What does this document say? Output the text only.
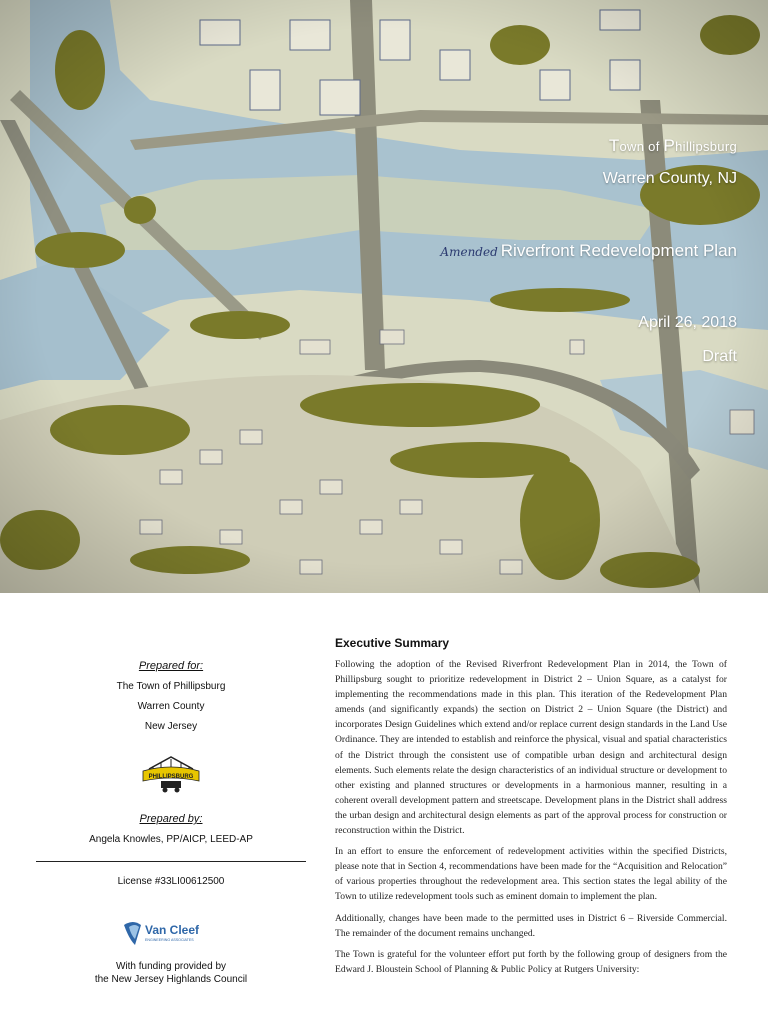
Town of Phillipsburg
Warren County, NJ
Amended Riverfront Redevelopment Plan
April 26, 2018
Draft

Prepared for:

The Town of Phillipsburg

Warren County

New Jersey

PHILLIPSBURG

Prepared by:

Angela Knowles, PP/AICP, LEED-AP

License #33LI00612500

Van Cleef
ENGINEERING ASSOCIATES

With funding provided by

the New Jersey Highlands Council

Executive Summary

Following the adoption of the Revised Riverfront Redevelopment Plan in 2014, the Town of Phillipsburg sought to prioritize redevelopment in District 2 – Union Square, as a catalyst for implementing the recommendations made in this plan. This iteration of the Redevelopment Plan amends (and significantly expands) the section on District 2 – Union Square (the District) and incorporates Design Guidelines which extend and/or replace current design standards in the Land Use Ordinance. They are intended to establish and reinforce the physical, visual and spatial characteristics of the District through the consistent use of compatible urban design and architectural design elements. Such elements relate the design characteristics of an individual structure or development to other existing and planned structures or developments in a harmonious manner, resulting in a coherent overall development pattern and streetscape. Development plans in the District shall address the urban design and architectural design elements as part of the approval process for construction or reconstruction within the District.

In an effort to ensure the enforcement of redevelopment activities within the specified Districts, please note that in Section 4, recommendations have been made for the “Acquisition and Relocation” of various properties throughout the redevelopment area. This section states the legal ability of the Town to utilize redevelopment tools such as eminent domain to implement the plan.

Additionally, changes have been made to the permitted uses in District 6 – Riverside Commercial. The remainder of the document remains unchanged.

The Town is grateful for the volunteer effort put forth by the following group of designers from the Edward J. Bloustein School of Planning & Public Policy at Rutgers University:
